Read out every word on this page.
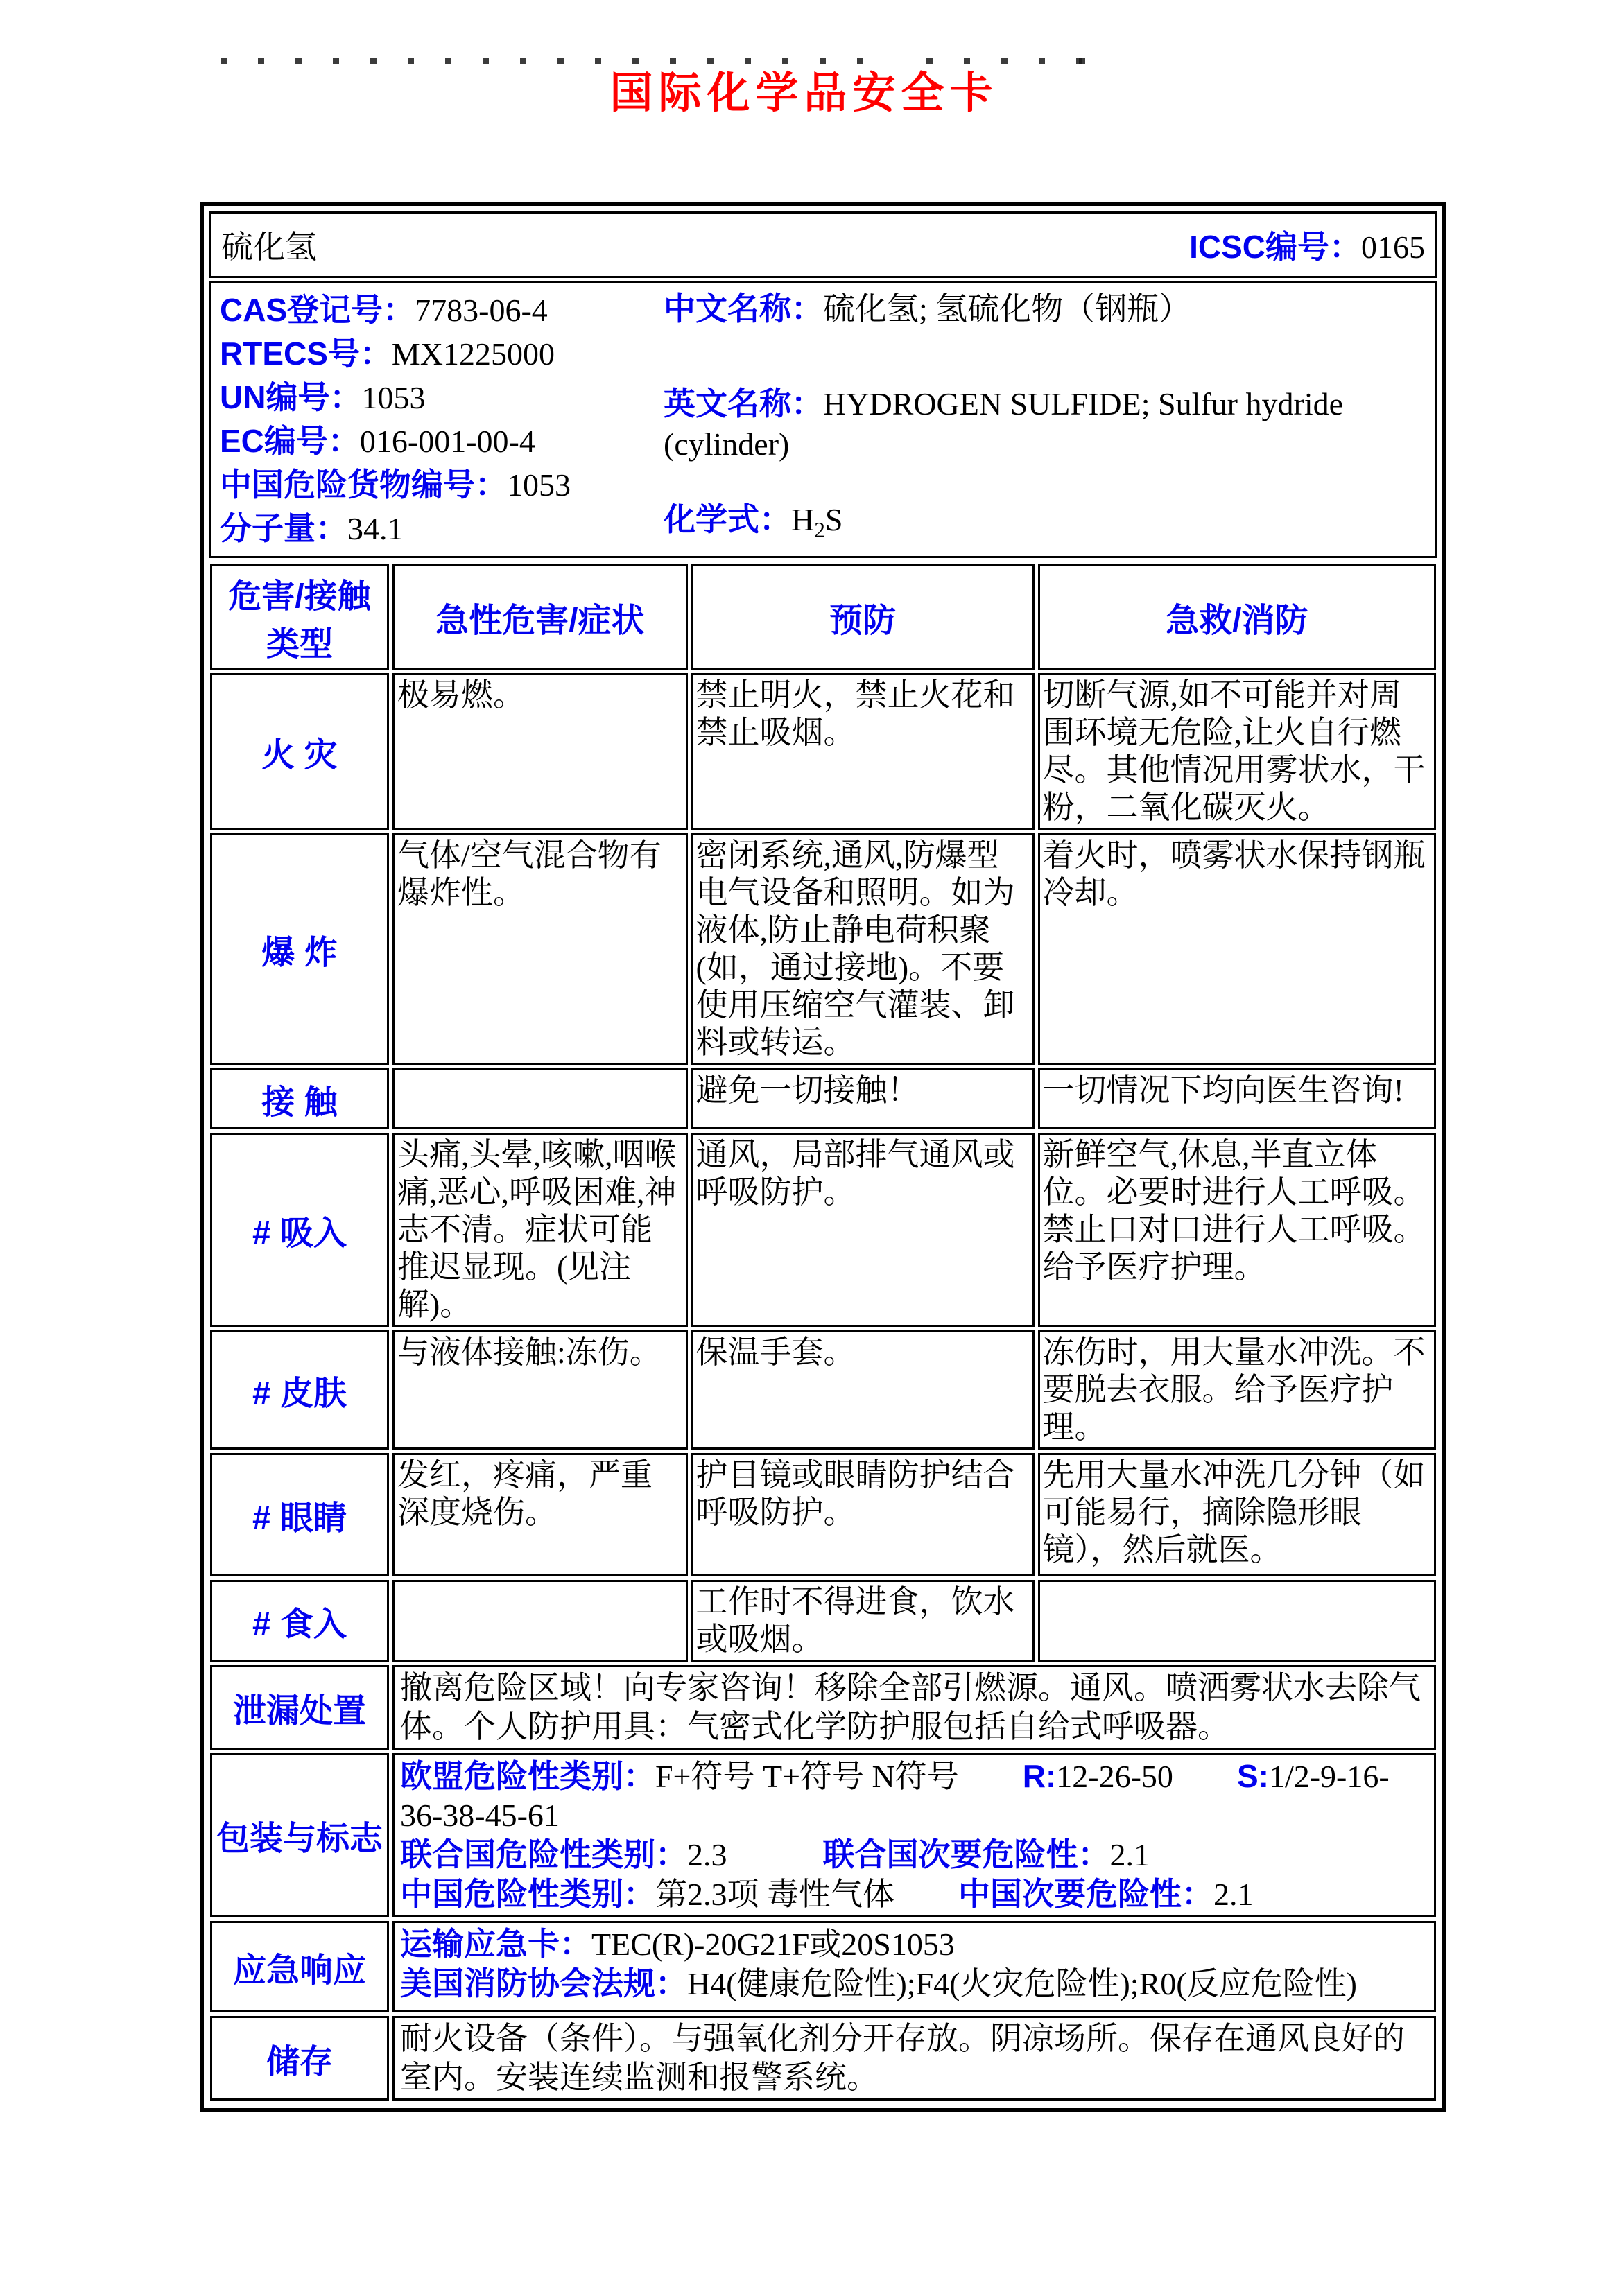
国际化学品安全卡
硫化氢	ICSC编号：0165
CAS登记号：7783-06-4
RTECS号：MX1225000
UN编号：1053
EC编号：016-001-00-4
中国危险货物编号：1053
分子量：34.1
中文名称：硫化氢; 氢硫化物（钢瓶）
英文名称：HYDROGEN SULFIDE; Sulfur hydride (cylinder)
化学式：$H_2S$
危害/接触 类型	急性危害/症状	预防	急救/消防
火 灾	极易燃。	禁止明火，禁止火花和禁止吸烟。	切断气源,如不可能并对周围环境无危险,让火自行燃尽。其他情况用雾状水，干粉，二氧化碳灭火。
爆 炸	气体/空气混合物有爆炸性。	密闭系统,通风,防爆型电气设备和照明。如为液体,防止静电荷积聚(如，通过接地)。不要使用压缩空气灌装、卸料或转运。	着火时，喷雾状水保持钢瓶冷却。
接 触		避免一切接触！	一切情况下均向医生咨询!
# 吸入	头痛,头晕,咳嗽,咽喉痛,恶心,呼吸困难,神志不清。症状可能推迟显现。(见注解)。	通风，局部排气通风或呼吸防护。	新鲜空气,休息,半直立体位。必要时进行人工呼吸。禁止口对口进行人工呼吸。给予医疗护理。
# 皮肤	与液体接触:冻伤。	保温手套。	冻伤时，用大量水冲洗。不要脱去衣服。给予医疗护理。
# 眼睛	发红，疼痛，严重深度烧伤。	护目镜或眼睛防护结合呼吸防护。	先用大量水冲洗几分钟（如可能易行，摘除隐形眼镜），然后就医。
# 食入		工作时不得进食，饮水或吸烟。	
泄漏处置	撤离危险区域！向专家咨询！移除全部引燃源。通风。喷洒雾状水去除气体。个人防护用具：气密式化学防护服包括自给式呼吸器。		

包装与标志	欧盟危险性类别：F+符号 T+符号 N符号　　R:12-26-50　　S:1/2-9-16-36-38-45-61
联合国危险性类别：2.3　　　联合国次要危险性：2.1
中国危险性类别：第2.3项 毒性气体　　中国次要危险性：2.1		

应急响应	运输应急卡：TEC(R)-20G21F或20S1053
美国消防协会法规：H4(健康危险性);F4(火灾危险性);R0(反应危险性)		

储存	耐火设备（条件）。与强氧化剂分开存放。阴凉场所。保存在通风良好的室内。安装连续监测和报警系统。		
